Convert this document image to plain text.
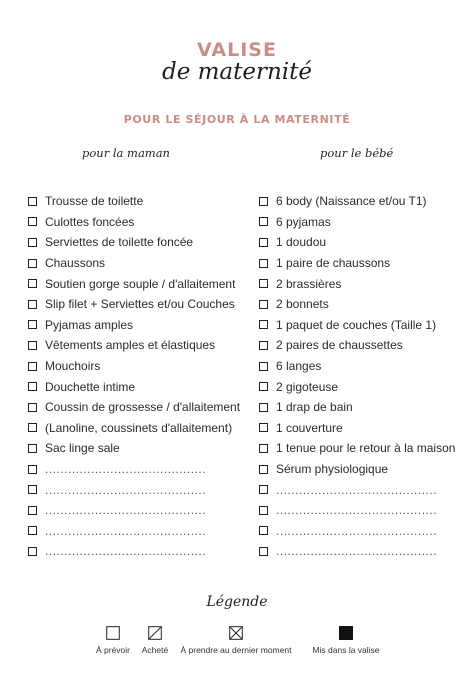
VALISE
de maternité
POUR LE SÉJOUR À LA MATERNITÉ
pour la maman	pour le bébé
Trousse de toilette
Culottes foncées
Serviettes de toilette foncée
Chaussons
Soutien gorge souple / d'allaitement
Slip filet + Serviettes et/ou Couches
Pyjamas amples
Vêtements amples et élastiques
Mouchoirs
Douchette intime
Coussin de grossesse / d'allaitement
(Lanoline, coussinets d'allaitement)
Sac linge sale
..........................................
..........................................
..........................................
..........................................
..........................................
6 body (Naissance et/ou T1)
6 pyjamas
1 doudou
1 paire de chaussons
2 brassières
2 bonnets
1 paquet de couches (Taille 1)
2 paires de chaussettes
6 langes
2 gigoteuse
1 drap de bain
1 couverture
1 tenue pour le retour à la maison
Sérum physiologique
..........................................
..........................................
..........................................
..........................................
Légende
À prévoir	Acheté	À prendre au dernier moment	Mis dans la valise
